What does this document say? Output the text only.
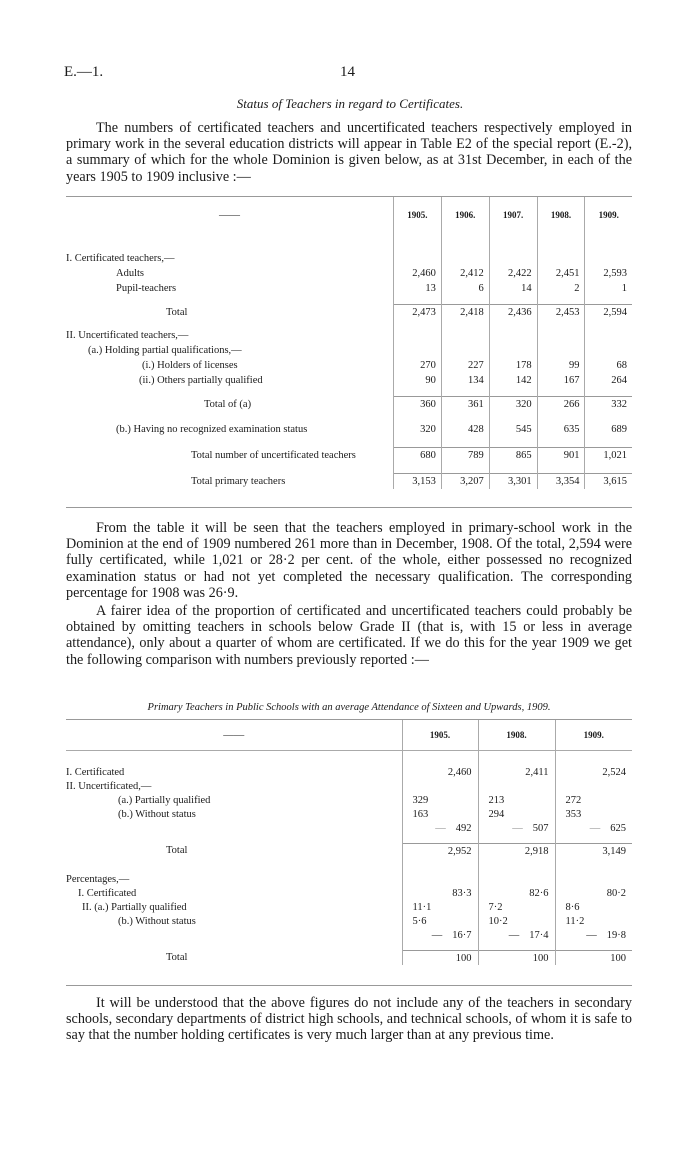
E.—1.	14
Status of Teachers in regard to Certificates.

The numbers of certificated teachers and uncertificated teachers respectively employed in primary work in the several education districts will appear in Table E2 of the special report (E.-2), a summary of which for the whole Dominion is given below, as at 31st December, in each of the years 1905 to 1909 inclusive :—

——	1905.	1906.	1907.	1908.	1909.

I. Certificated teachers,—					
Adults	2,460	2,412	2,422	2,451	2,593
Pupil-teachers	13	6	14	2	1

Total	2,473	2,418	2,436	2,453	2,594

II. Uncertificated teachers,—					
(a.) Holding partial qualifications,—					
(i.) Holders of licenses	270	227	178	99	68
(ii.) Others partially qualified	90	134	142	167	264

Total of (a)	360	361	320	266	332

(b.) Having no recognized examination status	320	428	545	635	689

Total number of uncertificated teachers	680	789	865	901	1,021

Total primary teachers	3,153	3,207	3,301	3,354	3,615

From the table it will be seen that the teachers employed in primary-school work in the Dominion at the end of 1909 numbered 261 more than in December, 1908. Of the total, 2,594 were fully certificated, while 1,021 or 28·2 per cent. of the whole, either possessed no recognized examination status or had not yet completed the necessary qualification. The corresponding percentage for 1908 was 26·9.

A fairer idea of the proportion of certificated and uncertificated teachers could probably be obtained by omitting teachers in schools below Grade II (that is, with 15 or less in average attendance), only about a quarter of whom are certificated. If we do this for the year 1909 we get the following comparison with numbers previously reported :—

Primary Teachers in Public Schools with an average Attendance of Sixteen and Upwards, 1909.
——	1905.	1908.	1909.

I. Certificated	2,460	2,411	2,524
II. Uncertificated,—			
(a.) Partially qualified	329	213	272
(b.) Without status	163	294	353
	— 492	— 507	— 625

Total	2,952	2,918	3,149

Percentages,—			
I. Certificated	83·3	82·6	80·2
II. (a.) Partially qualified	11·1	7·2	8·6
(b.) Without status	5·6	10·2	11·2
	— 16·7	— 17·4	— 19·8

Total	100	100	100

It will be understood that the above figures do not include any of the teachers in secondary schools, secondary departments of district high schools, and technical schools, of whom it is safe to say that the number holding certificates is very much larger than at any previous time.
